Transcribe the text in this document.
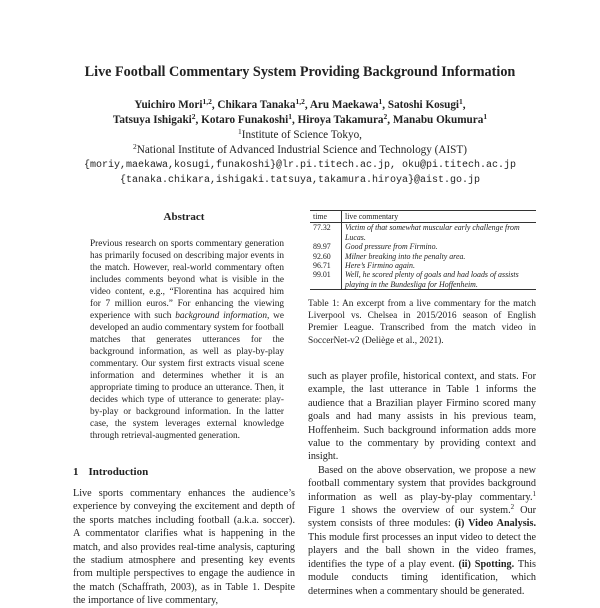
Live Football Commentary System Providing Background Information
Yuichiro Mori$^{1,2}$, Chikara Tanaka$^{1,2}$, Aru Maekawa$^1$, Satoshi Kosugi$^1$,
Tatsuya Ishigaki$^2$, Kotaro Funakoshi$^1$, Hiroya Takamura$^2$, Manabu Okumura$^1$
$^1$Institute of Science Tokyo,
$^2$National Institute of Advanced Industrial Science and Technology (AIST)
{moriy,maekawa,kosugi,funakoshi}@lr.pi.titech.ac.jp, oku@pi.titech.ac.jp
{tanaka.chikara,ishigaki.tatsuya,takamura.hiroya}@aist.go.jp
Abstract
Previous research on sports commentary generation has primarily focused on describing major events in the match. However, real-world commentary often includes comments beyond what is visible in the video content, e.g., “Florentina has acquired him for 7 million euros.” For enhancing the viewing experience with such background information, we developed an audio commentary system for football matches that generates utterances for the background information, as well as play-by-play commentary. Our system first extracts visual scene information and determines whether it is an appropriate timing to produce an utterance. Then, it decides which type of utterance to generate: play-by-play or background information. In the latter case, the system leverages external knowledge through retrieval-augmented generation.
1 Introduction
Live sports commentary enhances the audience’s experience by conveying the excitement and depth of the sports matches including football (a.k.a. soccer). A commentator clarifies what is happening in the match, and also provides real-time analysis, capturing the stadium atmosphere and presenting key events from multiple perspectives to engage the audience in the match (Schaffrath, 2003), as in Table 1. Despite the importance of live commentary,
time	live commentary
77.32	Victim of that somewhat muscular early challenge from Lucas.
89.97	Good pressure from Firmino.
92.60	Milner breaking into the penalty area.
96.71	Here’s Firmino again.
99.01	Well, he scored plenty of goals and had loads of assists playing in the Bundesliga for Hoffenheim.
Table 1: An excerpt from a live commentary for the match Liverpool vs. Chelsea in 2015/2016 season of English Premier League. Transcribed from the match video in SoccerNet-v2 (Deliège et al., 2021).

such as player profile, historical context, and stats. For example, the last utterance in Table 1 informs the audience that a Brazilian player Firmino scored many goals and had many assists in his previous team, Hoffenheim. Such background information adds more value to the commentary by providing context and insight.

Based on the above observation, we propose a new football commentary system that provides background information as well as play-by-play commentary.$^1$ Figure 1 shows the overview of our system.$^2$ Our system consists of three modules: (i) Video Analysis. This module first processes an input video to detect the players and the ball shown in the video frames, identifies the type of a play event. (ii) Spotting. This module conducts timing identification, which determines when a commentary should be generated.
